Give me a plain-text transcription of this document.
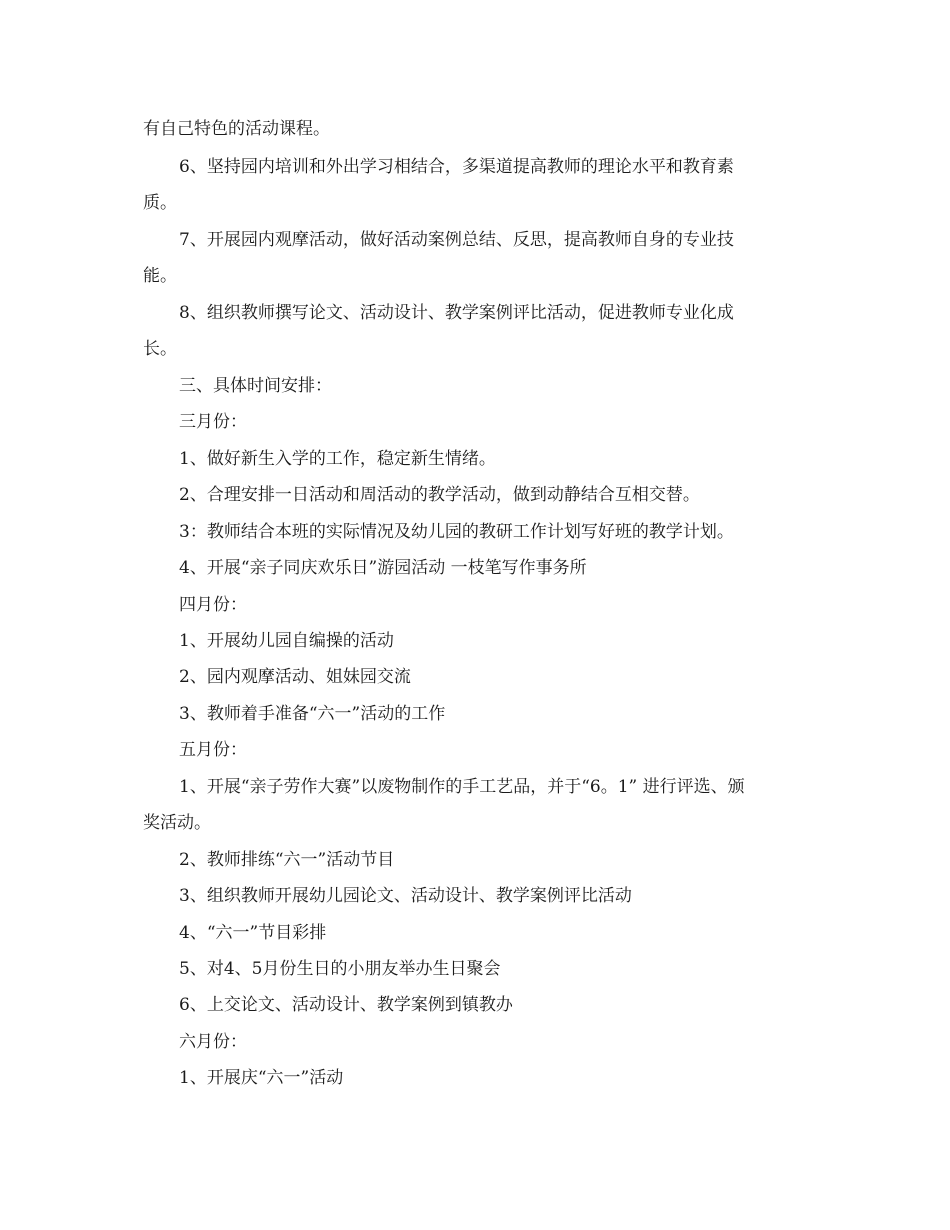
有自己特色的活动课程。
6、坚持园内培训和外出学习相结合，多渠道提高教师的理论水平和教育素
质。
7、开展园内观摩活动，做好活动案例总结、反思，提高教师自身的专业技
能。
8、组织教师撰写论文、活动设计、教学案例评比活动，促进教师专业化成
长。
三、具体时间安排：
三月份：
1、做好新生入学的工作，稳定新生情绪。
2、合理安排一日活动和周活动的教学活动，做到动静结合互相交替。
3：教师结合本班的实际情况及幼儿园的教研工作计划写好班的教学计划。
4、开展“亲子同庆欢乐日”游园活动 一枝笔写作事务所
四月份：
1、开展幼儿园自编操的活动
2、园内观摩活动、姐妹园交流
3、教师着手准备“六一”活动的工作
五月份：
1、开展“亲子劳作大赛”以废物制作的手工艺品，并于“6。1” 进行评选、颁
奖活动。
2、教师排练“六一”活动节目
3、组织教师开展幼儿园论文、活动设计、教学案例评比活动
4、“六一”节目彩排
5、对4、5月份生日的小朋友举办生日聚会
6、上交论文、活动设计、教学案例到镇教办
六月份：
1、开展庆“六一”活动
